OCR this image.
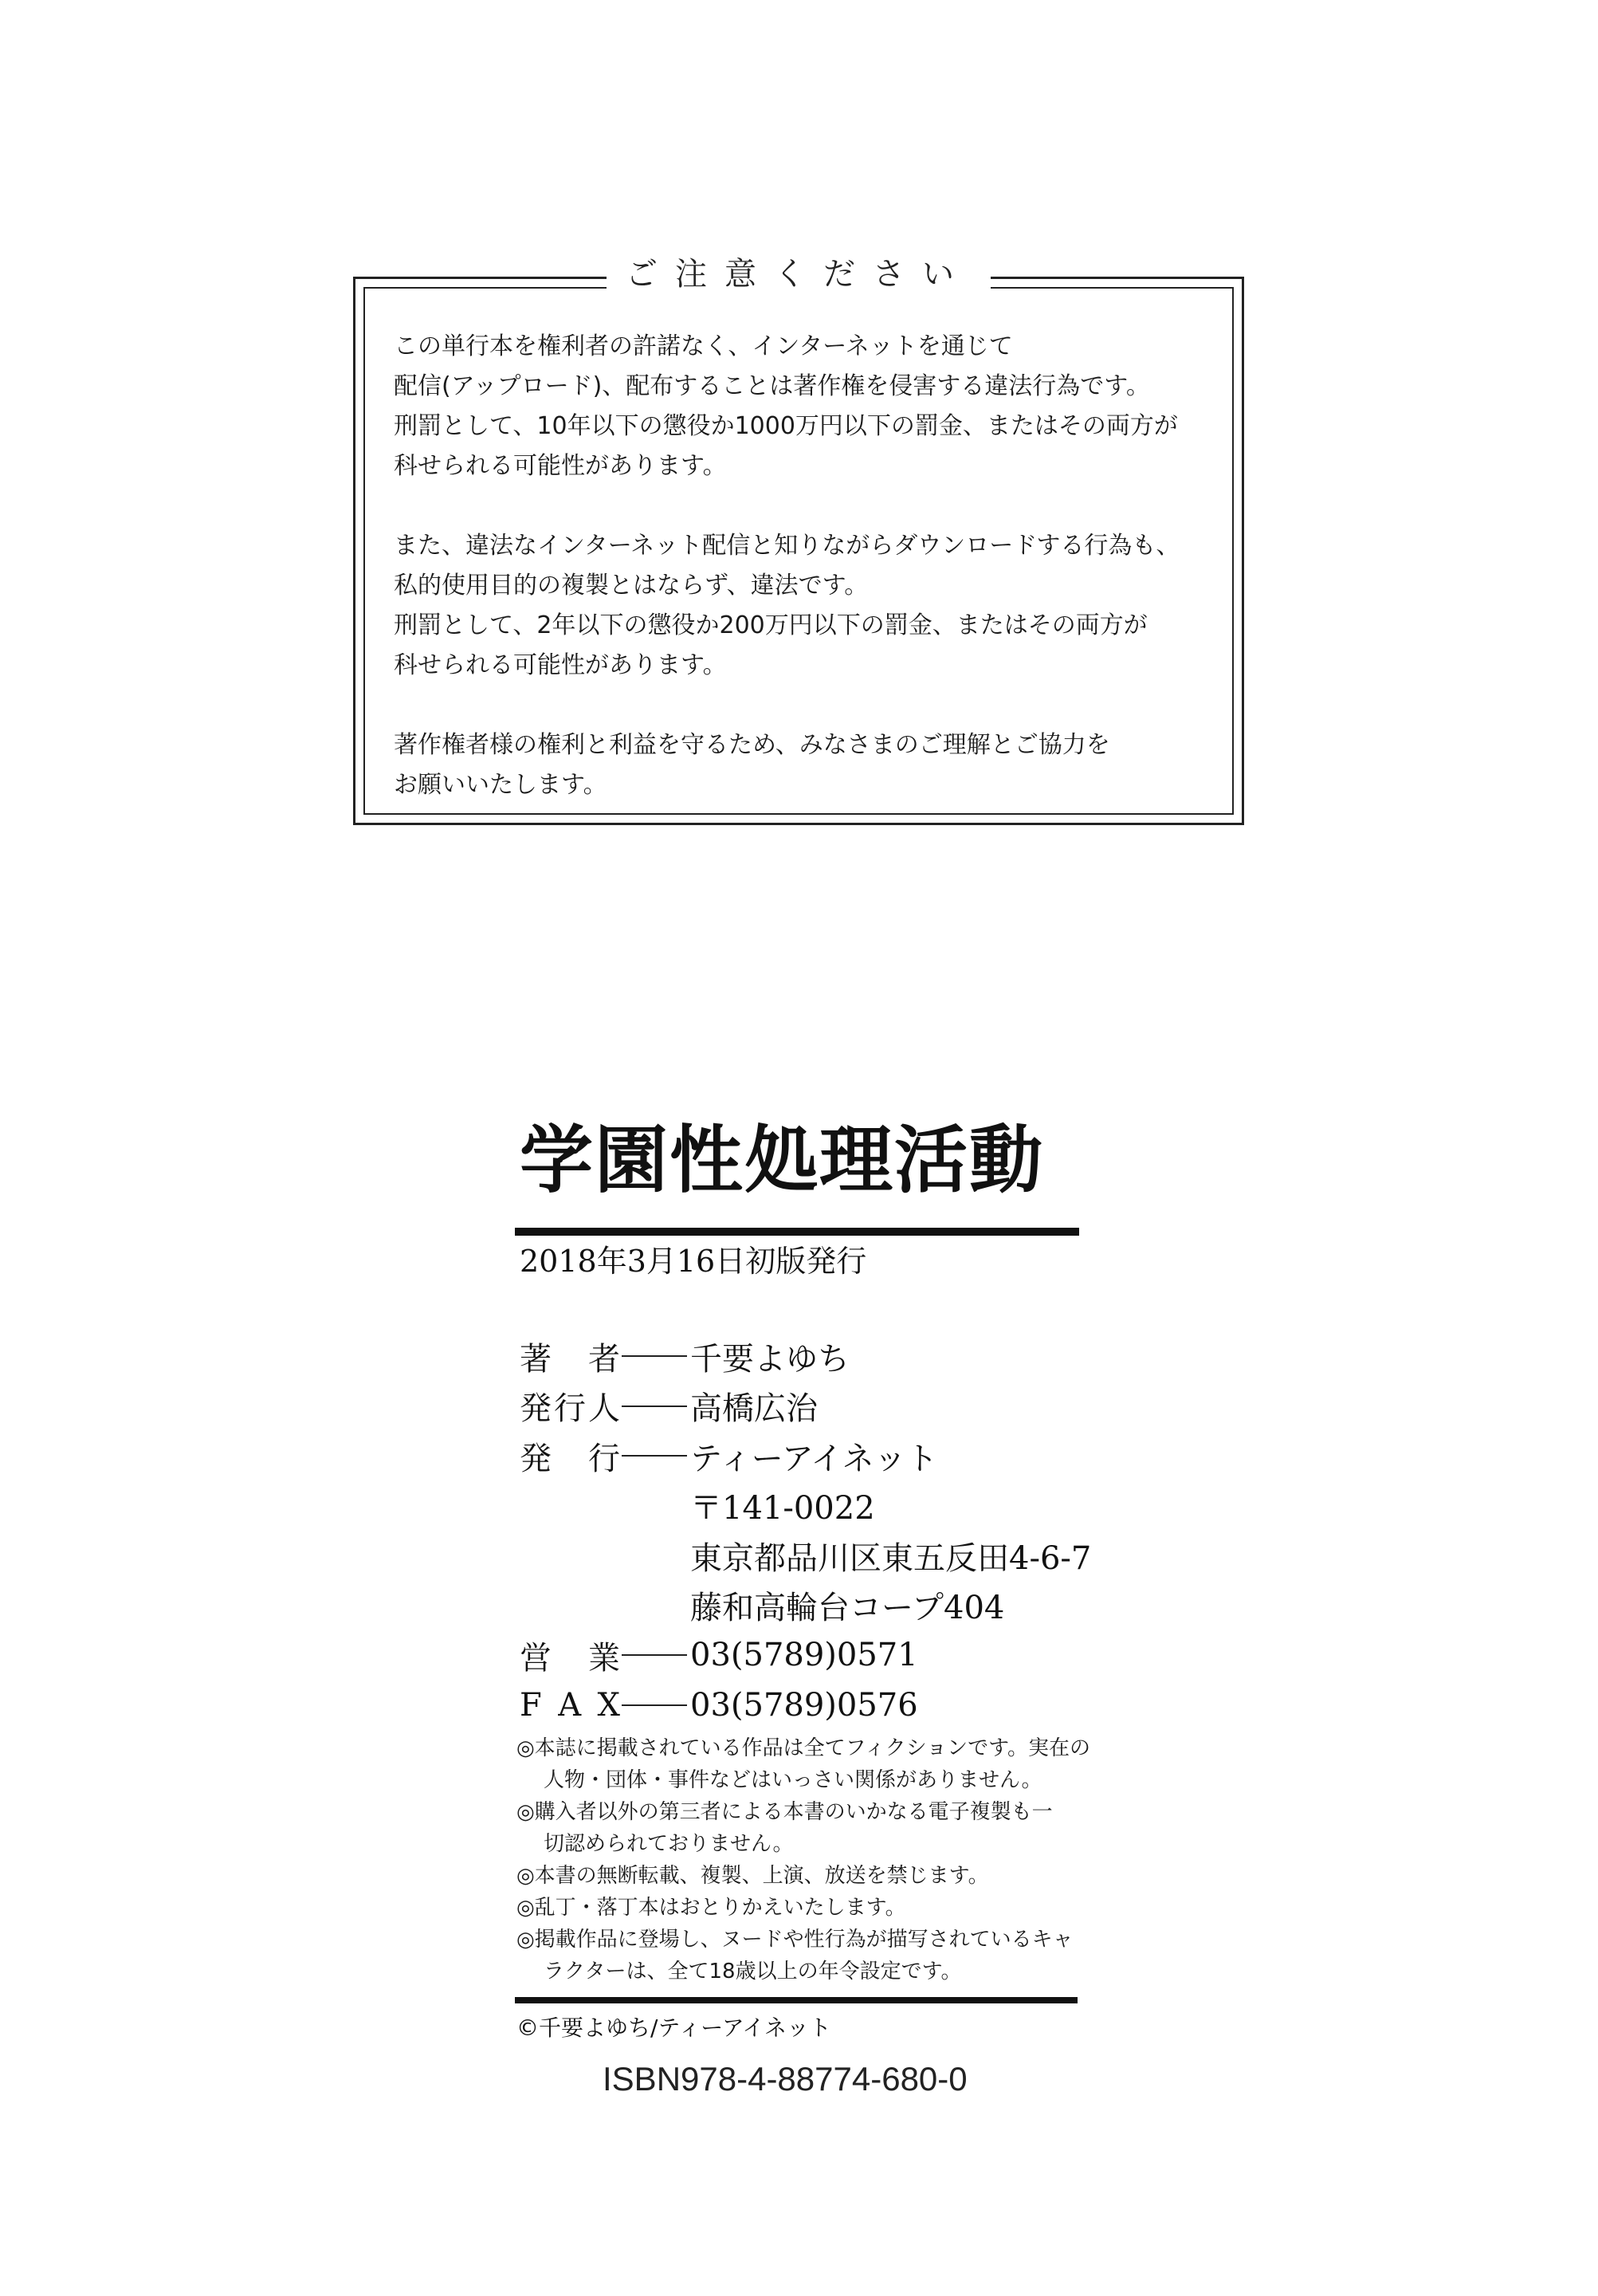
ご注意ください

この単行本を権利者の許諾なく、インターネットを通じて
配信(アップロード)、配布することは著作権を侵害する違法行為です。
刑罰として、10年以下の懲役か1000万円以下の罰金、またはその両方が
科せられる可能性があります。

また、違法なインターネット配信と知りながらダウンロードする行為も、
私的使用目的の複製とはならず、違法です。
刑罰として、2年以下の懲役か200万円以下の罰金、またはその両方が
科せられる可能性があります。

著作権者様の権利と利益を守るため、みなさまのご理解とご協力を
お願いいたします。

学園性処理活動
2018年3月16日初版発行
著 者 千要よゆち
発 行 人 高橋広治
発 行 ティーアイネット
〒141-0022
東京都品川区東五反田4-6-7
藤和高輪台コープ404
営 業 03(5789)0571
F A X 03(5789)0576
◎本誌に掲載されている作品は全てフィクションです。実在の
人物・団体・事件などはいっさい関係がありません。
◎購入者以外の第三者による本書のいかなる電子複製も一
切認められておりません。
◎本書の無断転載、複製、上演、放送を禁じます。
◎乱丁・落丁本はおとりかえいたします。
◎掲載作品に登場し、ヌードや性行為が描写されているキャ
ラクターは、全て18歳以上の年令設定です。
©千要よゆち/ティーアイネット
ISBN978-4-88774-680-0
